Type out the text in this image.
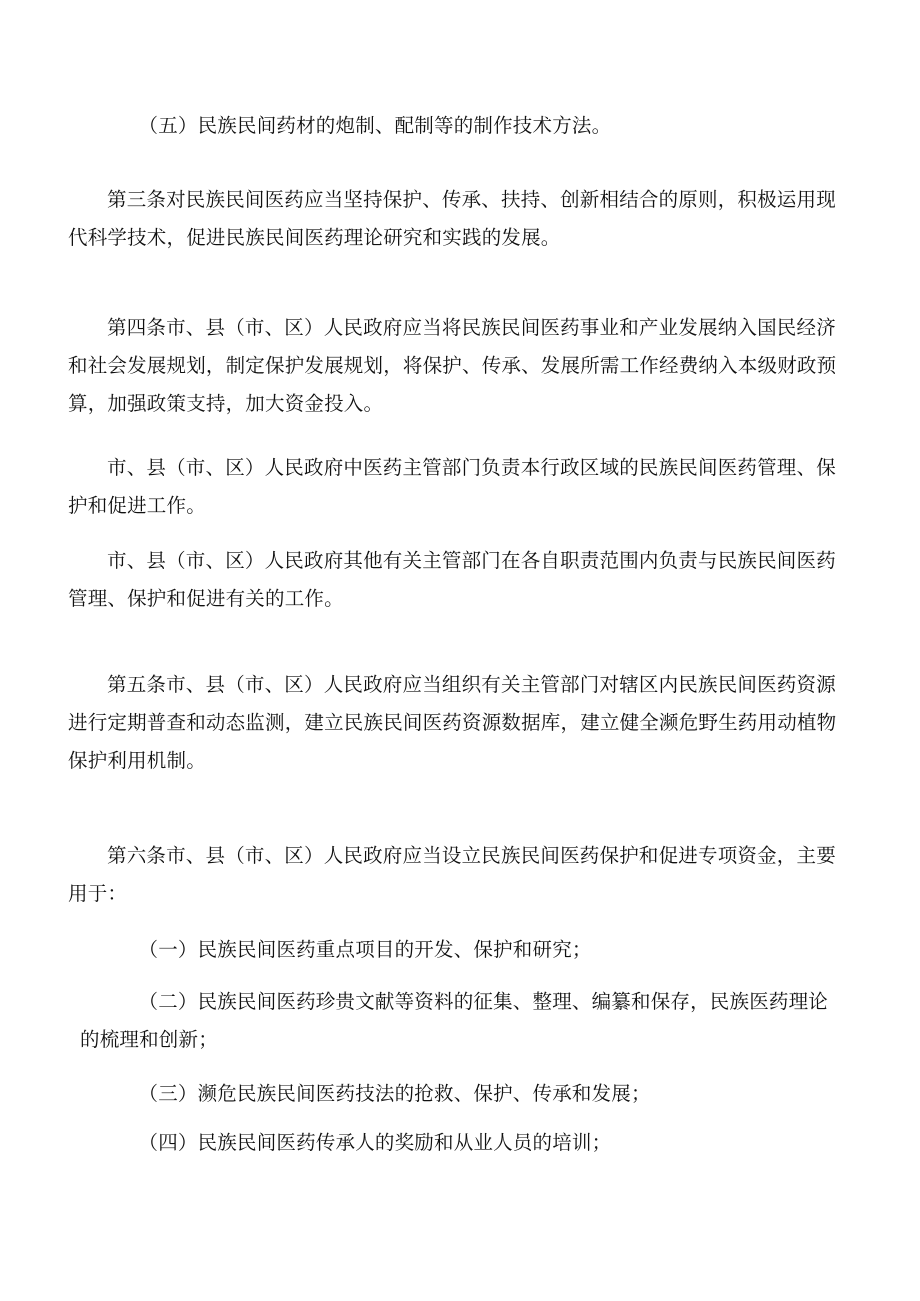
（五）民族民间药材的炮制、配制等的制作技术方法。

第三条对民族民间医药应当坚持保护、传承、扶持、创新相结合的原则，积极运用现代科学技术，促进民族民间医药理论研究和实践的发展。

第四条市、县（市、区）人民政府应当将民族民间医药事业和产业发展纳入国民经济和社会发展规划，制定保护发展规划，将保护、传承、发展所需工作经费纳入本级财政预算，加强政策支持，加大资金投入。

市、县（市、区）人民政府中医药主管部门负责本行政区域的民族民间医药管理、保护和促进工作。

市、县（市、区）人民政府其他有关主管部门在各自职责范围内负责与民族民间医药管理、保护和促进有关的工作。

第五条市、县（市、区）人民政府应当组织有关主管部门对辖区内民族民间医药资源进行定期普查和动态监测，建立民族民间医药资源数据库，建立健全濒危野生药用动植物保护利用机制。

第六条市、县（市、区）人民政府应当设立民族民间医药保护和促进专项资金，主要用于：

（一）民族民间医药重点项目的开发、保护和研究；

（二）民族民间医药珍贵文献等资料的征集、整理、编纂和保存，民族医药理论的梳理和创新；

（三）濒危民族民间医药技法的抢救、保护、传承和发展；

（四）民族民间医药传承人的奖励和从业人员的培训；
